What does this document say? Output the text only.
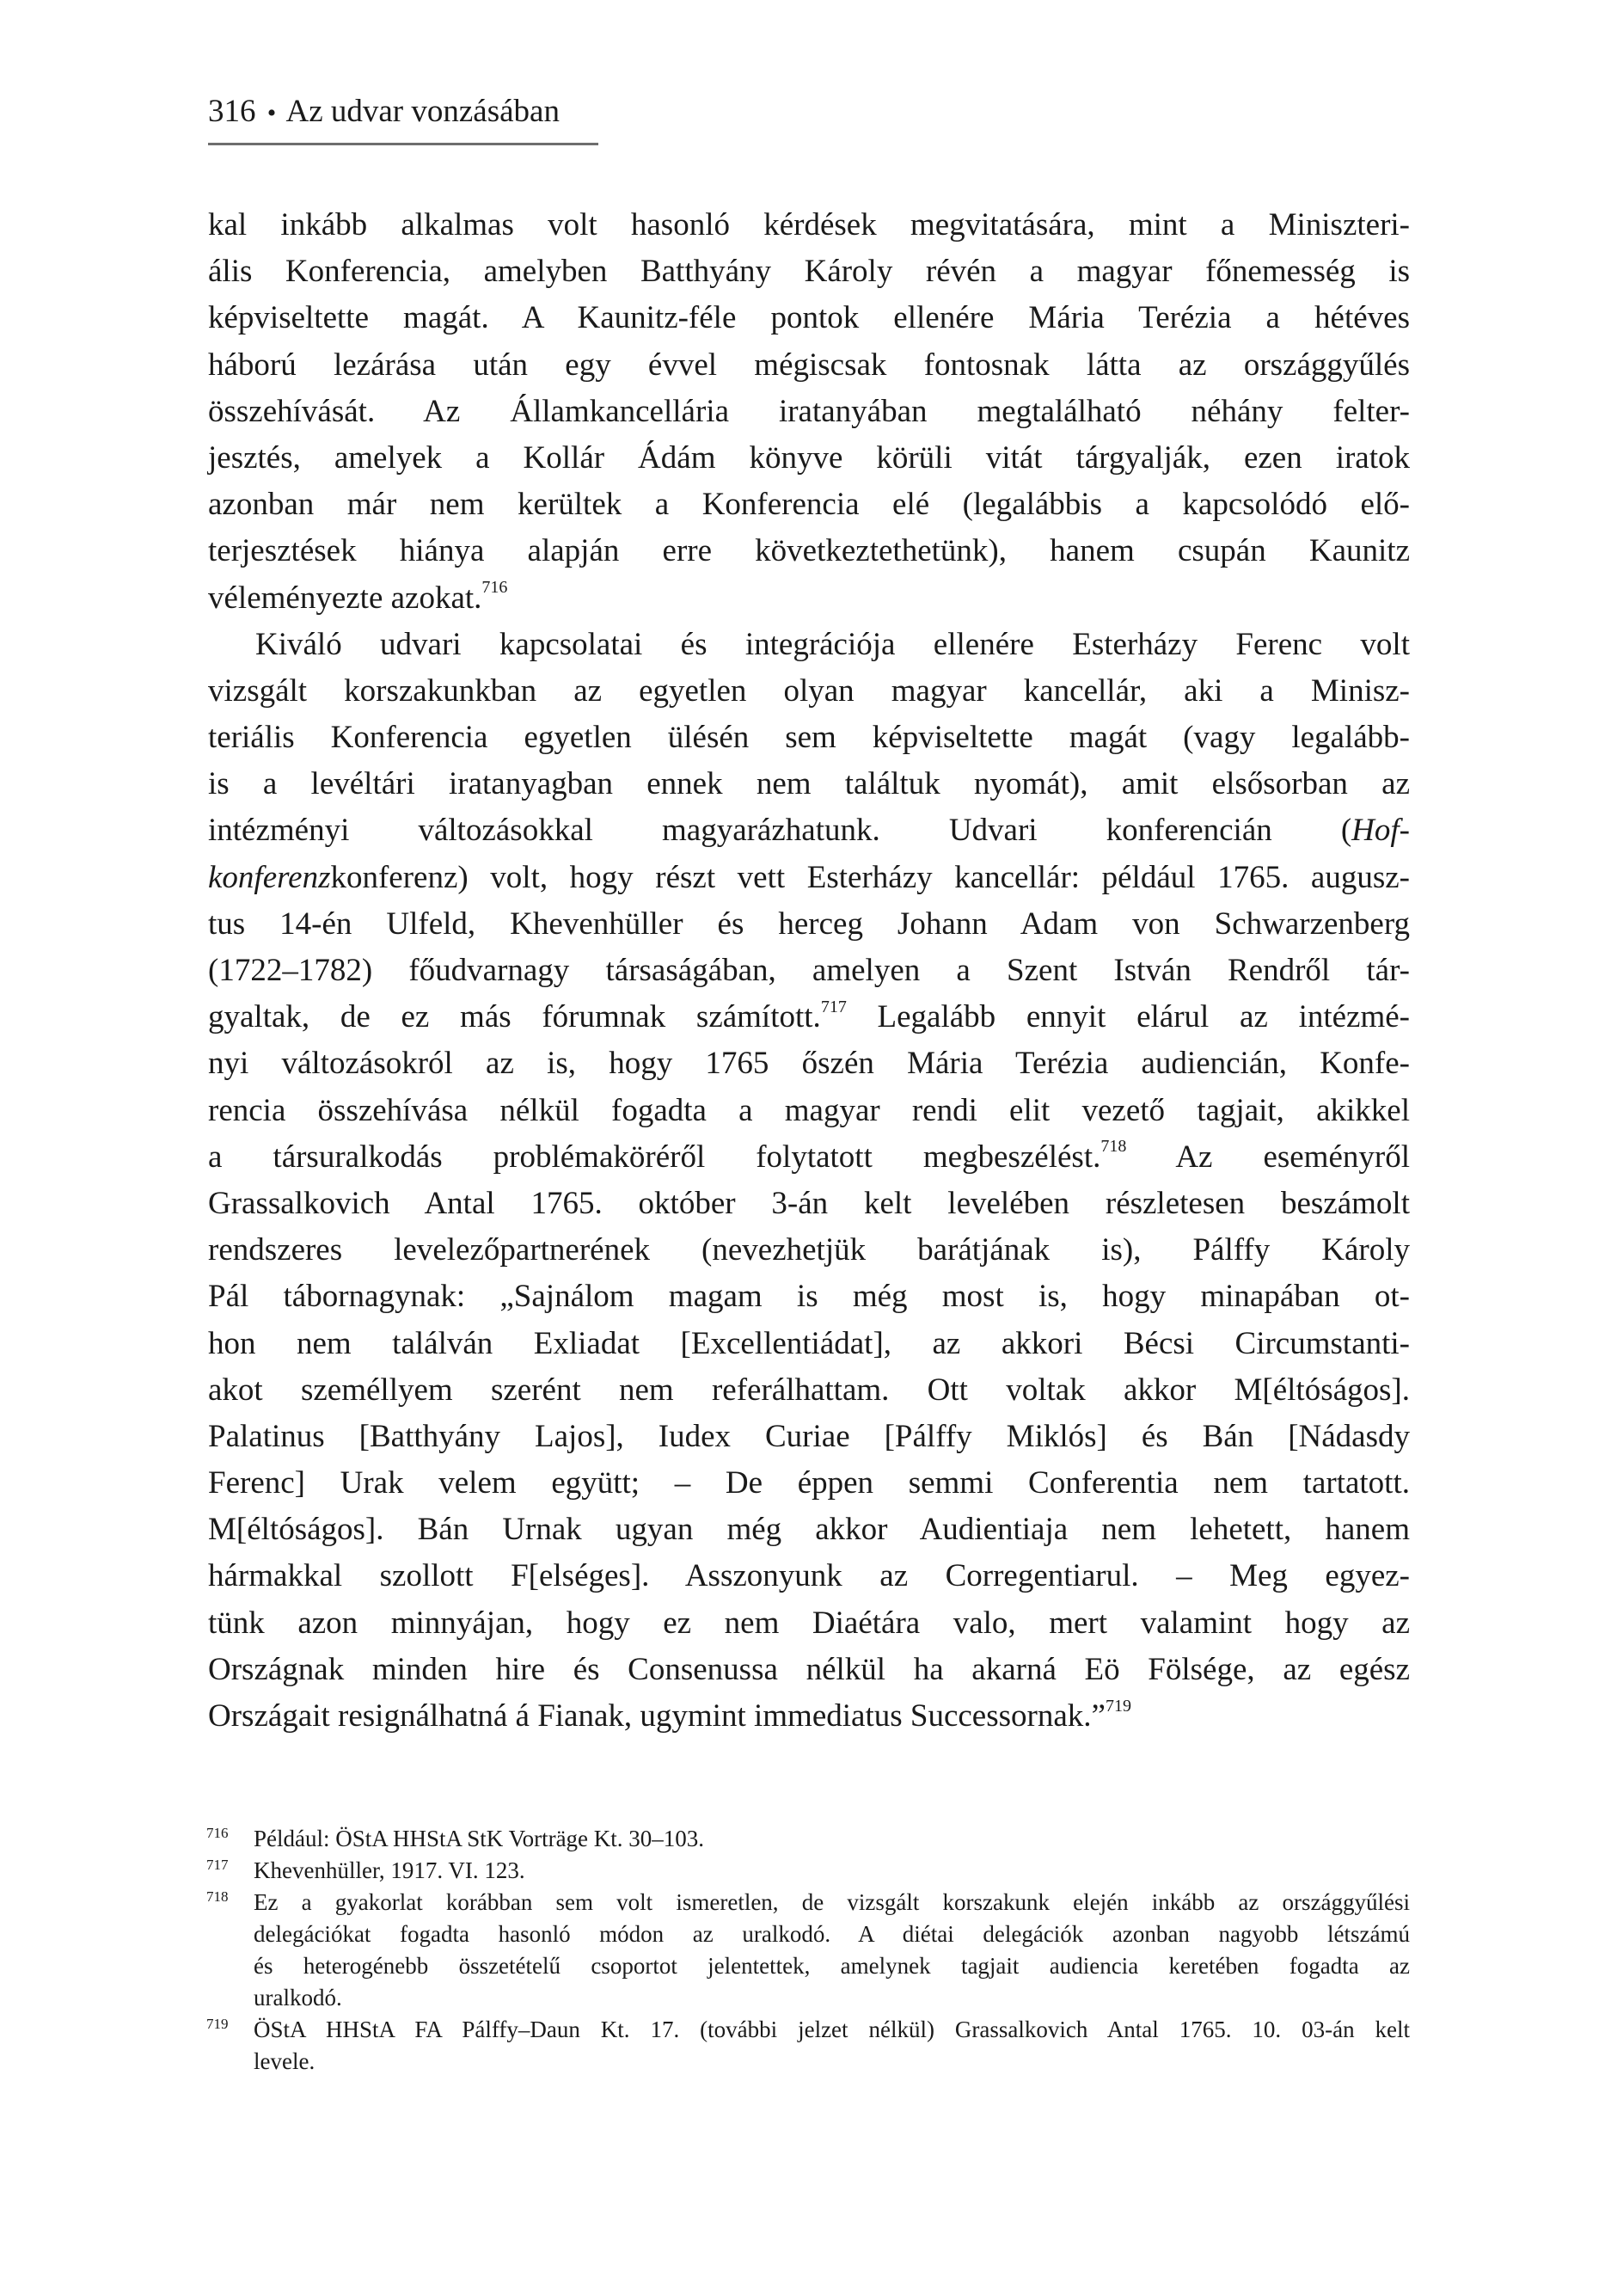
316 • Az udvar vonzásában
kal inkább alkalmas volt hasonló kérdések megvitatására, mint a Miniszteri-
ális Konferencia, amelyben Batthyány Károly révén a magyar főnemesség is
képviseltette magát. A Kaunitz-féle pontok ellenére Mária Terézia a hétéves
háború lezárása után egy évvel mégiscsak fontosnak látta az országgyűlés
összehívását. Az Államkancellária iratanyában megtalálható néhány felter-
jesztés, amelyek a Kollár Ádám könyve körüli vitát tárgyalják, ezen iratok
azonban már nem kerültek a Konferencia elé (legalábbis a kapcsolódó elő-
terjesztések hiánya alapján erre következtethetünk), hanem csupán Kaunitz
véleményezte azokat.$^{716}$
Kiváló udvari kapcsolatai és integrációja ellenére Esterházy Ferenc volt
vizsgált korszakunkban az egyetlen olyan magyar kancellár, aki a Minisz-
teriális Konferencia egyetlen ülésén sem képviseltette magát (vagy legalább-
is a levéltári iratanyagban ennek nem találtuk nyomát), amit elsősorban az
intézményi változásokkal magyarázhatunk. Udvari konferencián (Hof-
konferenzkonferenz) volt, hogy részt vett Esterházy kancellár: például 1765. augusz-
tus 14-én Ulfeld, Khevenhüller és herceg Johann Adam von Schwarzenberg
(1722–1782) főudvarnagy társaságában, amelyen a Szent István Rendről tár-
gyaltak, de ez más fórumnak számított.$^{717}$ Legalább ennyit elárul az intézmé-
nyi változásokról az is, hogy 1765 őszén Mária Terézia audiencián, Konfe-
rencia összehívása nélkül fogadta a magyar rendi elit vezető tagjait, akikkel
a társuralkodás problémaköréről folytatott megbeszélést.$^{718}$ Az eseményről
Grassalkovich Antal 1765. október 3-án kelt levelében részletesen beszámolt
rendszeres levelezőpartnerének (nevezhetjük barátjának is), Pálffy Károly
Pál tábornagynak: „Sajnálom magam is még most is, hogy minapában ot-
hon nem találván Exliadat [Excellentiádat], az akkori Bécsi Circumstanti-
akot személlyem szerént nem referálhattam. Ott voltak akkor M[éltóságos].
Palatinus [Batthyány Lajos], Iudex Curiae [Pálffy Miklós] és Bán [Nádasdy
Ferenc] Urak velem együtt; – De éppen semmi Conferentia nem tartatott.
M[éltóságos]. Bán Urnak ugyan még akkor Audientiaja nem lehetett, hanem
hármakkal szollott F[elséges]. Asszonyunk az Corregentiarul. – Meg egyez-
tünk azon minnyájan, hogy ez nem Diaétára valo, mert valamint hogy az
Országnak minden hire és Consenussa nélkül ha akarná Eö Fölsége, az egész
Országait resignálhatná á Fianak, ugymint immediatus Successornak.”$^{719}$
716 Például: ÖStA HHStA StK Vorträge Kt. 30–103.
717 Khevenhüller, 1917. VI. 123.
718 Ez a gyakorlat korábban sem volt ismeretlen, de vizsgált korszakunk elején inkább az országgyűlési
delegációkat fogadta hasonló módon az uralkodó. A diétai delegációk azonban nagyobb létszámú
és heterogénebb összetételű csoportot jelentettek, amelynek tagjait audiencia keretében fogadta az
uralkodó.
719 ÖStA HHStA FA Pálffy–Daun Kt. 17. (további jelzet nélkül) Grassalkovich Antal 1765. 10. 03-án kelt
levele.
